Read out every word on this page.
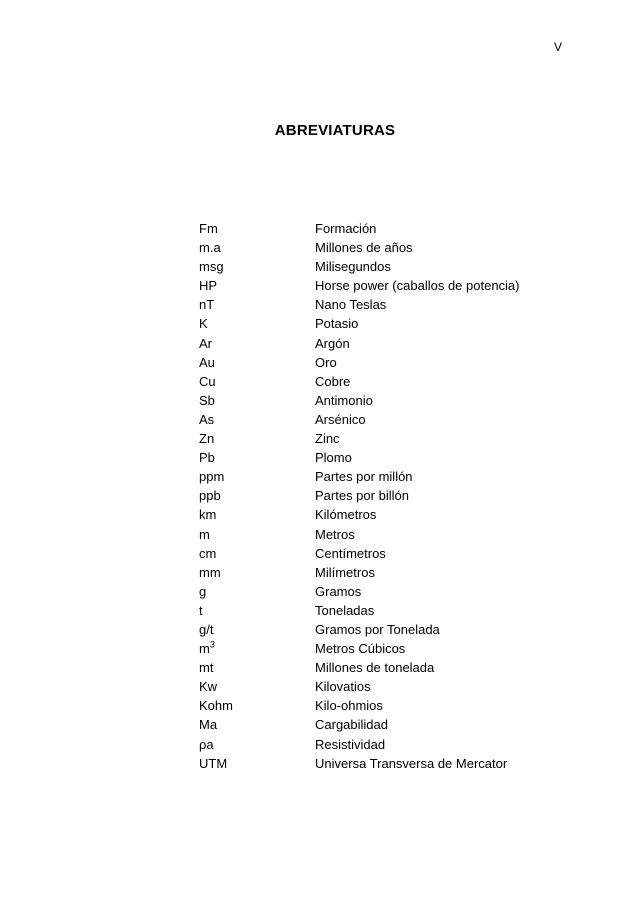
V
ABREVIATURAS
Fm	Formación
m.a	Millones de años
msg	Milisegundos
HP	Horse power (caballos de potencia)
nT	Nano Teslas
K	Potasio
Ar	Argón
Au	Oro
Cu	Cobre
Sb	Antimonio
As	Arsénico
Zn	Zinc
Pb	Plomo
ppm	Partes por millón
ppb	Partes por billón
km	Kilómetros
m	Metros
cm	Centímetros
mm	Milímetros
g	Gramos
t	Toneladas
g/t	Gramos por Tonelada
$m^3$	Metros Cúbicos
mt	Millones de tonelada
Kw	Kilovatios
Kohm	Kilo-ohmios
Ma	Cargabilidad
ρa	Resistividad
UTM	Universa Transversa de Mercator
